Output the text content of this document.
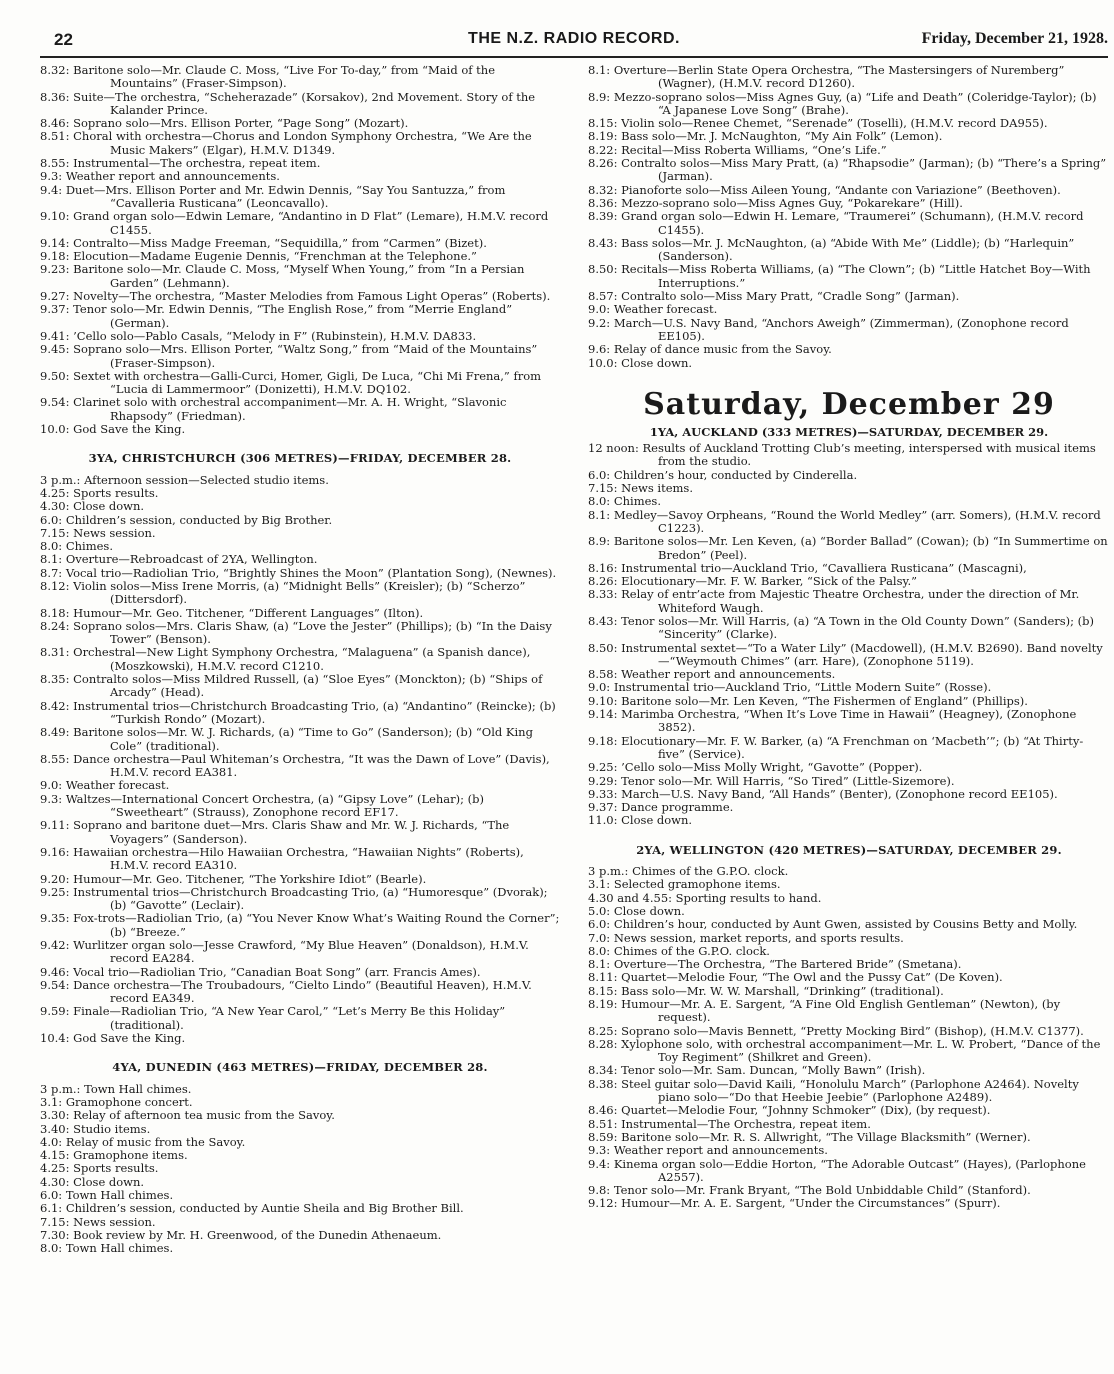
22	THE N.Z. RADIO RECORD.	Friday, December 21, 1928.
8.32: Baritone solo—Mr. Claude C. Moss, “Live For To-day,” from “Maid of the Mountains” (Fraser-Simpson).
8.36: Suite—The orchestra, “Scheherazade” (Korsakov), 2nd Movement. Story of the Kalander Prince.
8.46: Soprano solo—Mrs. Ellison Porter, “Page Song” (Mozart).
8.51: Choral with orchestra—Chorus and London Symphony Orchestra, “We Are the Music Makers” (Elgar), H.M.V. D1349.
8.55: Instrumental—The orchestra, repeat item.
9.3: Weather report and announcements.
9.4: Duet—Mrs. Ellison Porter and Mr. Edwin Dennis, “Say You Santuzza,” from “Cavalleria Rusticana” (Leoncavallo).
9.10: Grand organ solo—Edwin Lemare, “Andantino in D Flat” (Lemare), H.M.V. record C1455.
9.14: Contralto—Miss Madge Freeman, “Sequidilla,” from “Carmen” (Bizet).
9.18: Elocution—Madame Eugenie Dennis, “Frenchman at the Telephone.”
9.23: Baritone solo—Mr. Claude C. Moss, “Myself When Young,” from “In a Persian Garden” (Lehmann).
9.27: Novelty—The orchestra, “Master Melodies from Famous Light Operas” (Roberts).
9.37: Tenor solo—Mr. Edwin Dennis, “The English Rose,” from “Merrie England” (German).
9.41: ’Cello solo—Pablo Casals, “Melody in F” (Rubinstein), H.M.V. DA833.
9.45: Soprano solo—Mrs. Ellison Porter, “Waltz Song,” from “Maid of the Mountains” (Fraser-Simpson).
9.50: Sextet with orchestra—Galli-Curci, Homer, Gigli, De Luca, “Chi Mi Frena,” from “Lucia di Lammermoor” (Donizetti), H.M.V. DQ102.
9.54: Clarinet solo with orchestral accompaniment—Mr. A. H. Wright, “Slavonic Rhapsody” (Friedman).
10.0: God Save the King.
3YA, CHRISTCHURCH (306 METRES)—FRIDAY, DECEMBER 28.
3 p.m.: Afternoon session—Selected studio items.
4.25: Sports results.
4.30: Close down.
6.0: Children’s session, conducted by Big Brother.
7.15: News session.
8.0: Chimes.
8.1: Overture—Rebroadcast of 2YA, Wellington.
8.7: Vocal trio—Radiolian Trio, “Brightly Shines the Moon” (Plantation Song), (Newnes).
8.12: Violin solos—Miss Irene Morris, (a) “Midnight Bells” (Kreisler); (b) “Scherzo” (Dittersdorf).
8.18: Humour—Mr. Geo. Titchener, “Different Languages” (Ilton).
8.24: Soprano solos—Mrs. Claris Shaw, (a) “Love the Jester” (Phillips); (b) “In the Daisy Tower” (Benson).
8.31: Orchestral—New Light Symphony Orchestra, “Malaguena” (a Spanish dance), (Moszkowski), H.M.V. record C1210.
8.35: Contralto solos—Miss Mildred Russell, (a) “Sloe Eyes” (Monckton); (b) “Ships of Arcady” (Head).
8.42: Instrumental trios—Christchurch Broadcasting Trio, (a) “Andantino” (Reincke); (b) “Turkish Rondo” (Mozart).
8.49: Baritone solos—Mr. W. J. Richards, (a) “Time to Go” (Sanderson); (b) “Old King Cole” (traditional).
8.55: Dance orchestra—Paul Whiteman’s Orchestra, “It was the Dawn of Love” (Davis), H.M.V. record EA381.
9.0: Weather forecast.
9.3: Waltzes—International Concert Orchestra, (a) “Gipsy Love” (Lehar); (b) “Sweetheart” (Strauss), Zonophone record EF17.
9.11: Soprano and baritone duet—Mrs. Claris Shaw and Mr. W. J. Richards, “The Voyagers” (Sanderson).
9.16: Hawaiian orchestra—Hilo Hawaiian Orchestra, “Hawaiian Nights” (Roberts), H.M.V. record EA310.
9.20: Humour—Mr. Geo. Titchener, “The Yorkshire Idiot” (Bearle).
9.25: Instrumental trios—Christchurch Broadcasting Trio, (a) “Humoresque” (Dvorak); (b) “Gavotte” (Leclair).
9.35: Fox-trots—Radiolian Trio, (a) “You Never Know What’s Waiting Round the Corner”; (b) “Breeze.”
9.42: Wurlitzer organ solo—Jesse Crawford, “My Blue Heaven” (Donaldson), H.M.V. record EA284.
9.46: Vocal trio—Radiolian Trio, “Canadian Boat Song” (arr. Francis Ames).
9.54: Dance orchestra—The Troubadours, “Cielto Lindo” (Beautiful Heaven), H.M.V. record EA349.
9.59: Finale—Radiolian Trio, “A New Year Carol,” “Let’s Merry Be this Holiday” (traditional).
10.4: God Save the King.
4YA, DUNEDIN (463 METRES)—FRIDAY, DECEMBER 28.
3 p.m.: Town Hall chimes.
3.1: Gramophone concert.
3.30: Relay of afternoon tea music from the Savoy.
3.40: Studio items.
4.0: Relay of music from the Savoy.
4.15: Gramophone items.
4.25: Sports results.
4.30: Close down.
6.0: Town Hall chimes.
6.1: Children’s session, conducted by Auntie Sheila and Big Brother Bill.
7.15: News session.
7.30: Book review by Mr. H. Greenwood, of the Dunedin Athenaeum.
8.0: Town Hall chimes.
8.1: Overture—Berlin State Opera Orchestra, “The Mastersingers of Nuremberg” (Wagner), (H.M.V. record D1260).
8.9: Mezzo-soprano solos—Miss Agnes Guy, (a) “Life and Death” (Coleridge-Taylor); (b) “A Japanese Love Song” (Brahe).
8.15: Violin solo—Renee Chemet, “Serenade” (Toselli), (H.M.V. record DA955).
8.19: Bass solo—Mr. J. McNaughton, “My Ain Folk” (Lemon).
8.22: Recital—Miss Roberta Williams, “One’s Life.”
8.26: Contralto solos—Miss Mary Pratt, (a) “Rhapsodie” (Jarman); (b) “There’s a Spring” (Jarman).
8.32: Pianoforte solo—Miss Aileen Young, “Andante con Variazione” (Beethoven).
8.36: Mezzo-soprano solo—Miss Agnes Guy, “Pokarekare” (Hill).
8.39: Grand organ solo—Edwin H. Lemare, “Traumerei” (Schumann), (H.M.V. record C1455).
8.43: Bass solos—Mr. J. McNaughton, (a) “Abide With Me” (Liddle); (b) “Harlequin” (Sanderson).
8.50: Recitals—Miss Roberta Williams, (a) “The Clown”; (b) “Little Hatchet Boy—With Interruptions.”
8.57: Contralto solo—Miss Mary Pratt, “Cradle Song” (Jarman).
9.0: Weather forecast.
9.2: March—U.S. Navy Band, “Anchors Aweigh” (Zimmerman), (Zonophone record EE105).
9.6: Relay of dance music from the Savoy.
10.0: Close down.
Saturday, December 29
1YA, AUCKLAND (333 METRES)—SATURDAY, DECEMBER 29.
12 noon: Results of Auckland Trotting Club’s meeting, interspersed with musical items from the studio.
6.0: Children’s hour, conducted by Cinderella.
7.15: News items.
8.0: Chimes.
8.1: Medley—Savoy Orpheans, “Round the World Medley” (arr. Somers), (H.M.V. record C1223).
8.9: Baritone solos—Mr. Len Keven, (a) “Border Ballad” (Cowan); (b) “In Summertime on Bredon” (Peel).
8.16: Instrumental trio—Auckland Trio, “Cavalliera Rusticana” (Mascagni),
8.26: Elocutionary—Mr. F. W. Barker, “Sick of the Palsy.”
8.33: Relay of entr’acte from Majestic Theatre Orchestra, under the direction of Mr. Whiteford Waugh.
8.43: Tenor solos—Mr. Will Harris, (a) “A Town in the Old County Down” (Sanders); (b) “Sincerity” (Clarke).
8.50: Instrumental sextet—“To a Water Lily” (Macdowell), (H.M.V. B2690). Band novelty—“Weymouth Chimes” (arr. Hare), (Zonophone 5119).
8.58: Weather report and announcements.
9.0: Instrumental trio—Auckland Trio, “Little Modern Suite” (Rosse).
9.10: Baritone solo—Mr. Len Keven, “The Fishermen of England” (Phillips).
9.14: Marimba Orchestra, “When It’s Love Time in Hawaii” (Heagney), (Zonophone 3852).
9.18: Elocutionary—Mr. F. W. Barker, (a) “A Frenchman on ‘Macbeth’”; (b) “At Thirty-five” (Service).
9.25: ’Cello solo—Miss Molly Wright, “Gavotte” (Popper).
9.29: Tenor solo—Mr. Will Harris, “So Tired” (Little-Sizemore).
9.33: March—U.S. Navy Band, “All Hands” (Benter), (Zonophone record EE105).
9.37: Dance programme.
11.0: Close down.
2YA, WELLINGTON (420 METRES)—SATURDAY, DECEMBER 29.
3 p.m.: Chimes of the G.P.O. clock.
3.1: Selected gramophone items.
4.30 and 4.55: Sporting results to hand.
5.0: Close down.
6.0: Children’s hour, conducted by Aunt Gwen, assisted by Cousins Betty and Molly.
7.0: News session, market reports, and sports results.
8.0: Chimes of the G.P.O. clock.
8.1: Overture—The Orchestra, “The Bartered Bride” (Smetana).
8.11: Quartet—Melodie Four, “The Owl and the Pussy Cat” (De Koven).
8.15: Bass solo—Mr. W. W. Marshall, “Drinking” (traditional).
8.19: Humour—Mr. A. E. Sargent, “A Fine Old English Gentleman” (Newton), (by request).
8.25: Soprano solo—Mavis Bennett, “Pretty Mocking Bird” (Bishop), (H.M.V. C1377).
8.28: Xylophone solo, with orchestral accompaniment—Mr. L. W. Probert, “Dance of the Toy Regiment” (Shilkret and Green).
8.34: Tenor solo—Mr. Sam. Duncan, “Molly Bawn” (Irish).
8.38: Steel guitar solo—David Kaili, “Honolulu March” (Parlophone A2464). Novelty piano solo—“Do that Heebie Jeebie” (Parlophone A2489).
8.46: Quartet—Melodie Four, “Johnny Schmoker” (Dix), (by request).
8.51: Instrumental—The Orchestra, repeat item.
8.59: Baritone solo—Mr. R. S. Allwright, “The Village Blacksmith” (Werner).
9.3: Weather report and announcements.
9.4: Kinema organ solo—Eddie Horton, “The Adorable Outcast” (Hayes), (Parlophone A2557).
9.8: Tenor solo—Mr. Frank Bryant, “The Bold Unbiddable Child” (Stanford).
9.12: Humour—Mr. A. E. Sargent, “Under the Circumstances” (Spurr).
